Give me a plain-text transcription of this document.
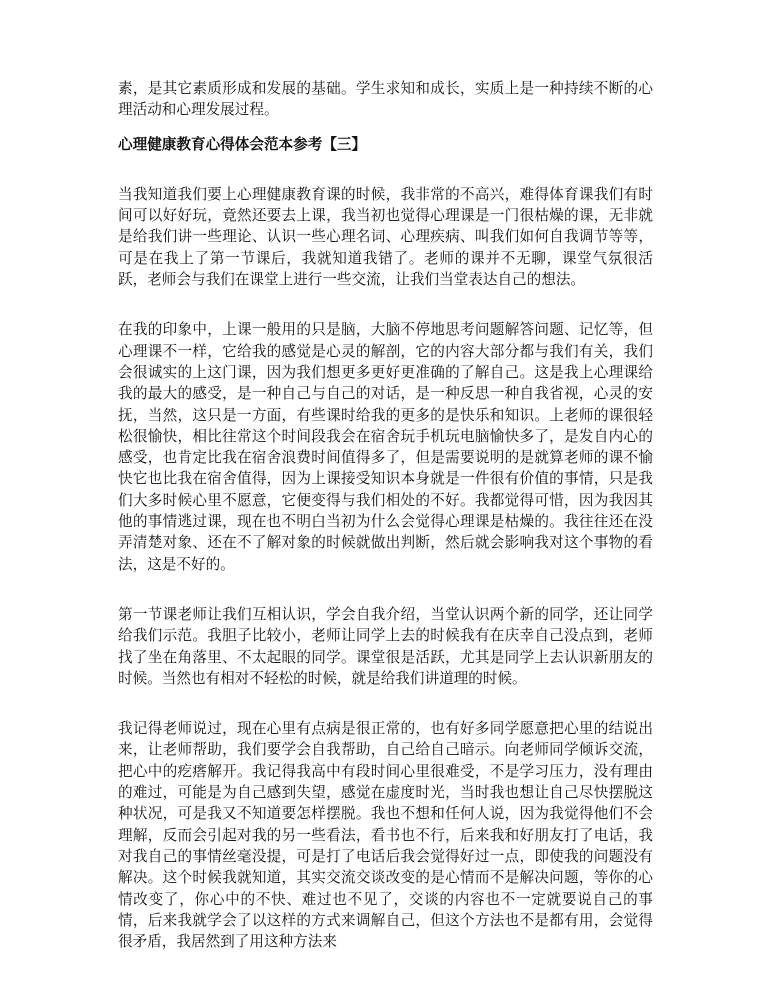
素，是其它素质形成和发展的基础。学生求知和成长，实质上是一种持续不断的心理活动和心理发展过程。

心理健康教育心得体会范本参考【三】

当我知道我们要上心理健康教育课的时候，我非常的不高兴，难得体育课我们有时间可以好好玩，竟然还要去上课，我当初也觉得心理课是一门很枯燥的课，无非就是给我们讲一些理论、认识一些心理名词、心理疾病、叫我们如何自我调节等等，可是在我上了第一节课后，我就知道我错了。老师的课并不无聊，课堂气氛很活跃，老师会与我们在课堂上进行一些交流，让我们当堂表达自己的想法。

在我的印象中，上课一般用的只是脑，大脑不停地思考问题解答问题、记忆等，但心理课不一样，它给我的感觉是心灵的解剖，它的内容大部分都与我们有关，我们会很诚实的上这门课，因为我们想更多更好更准确的了解自己。这是我上心理课给我的最大的感受，是一种自己与自己的对话，是一种反思一种自我省视，心灵的安抚，当然，这只是一方面，有些课时给我的更多的是快乐和知识。上老师的课很轻松很愉快，相比往常这个时间段我会在宿舍玩手机玩电脑愉快多了，是发自内心的感受，也肯定比我在宿舍浪费时间值得多了，但是需要说明的是就算老师的课不愉快它也比我在宿舍值得，因为上课接受知识本身就是一件很有价值的事情，只是我们大多时候心里不愿意，它便变得与我们相处的不好。我都觉得可惜，因为我因其他的事情逃过课，现在也不明白当初为什么会觉得心理课是枯燥的。我往往还在没弄清楚对象、还在不了解对象的时候就做出判断，然后就会影响我对这个事物的看法，这是不好的。

第一节课老师让我们互相认识，学会自我介绍，当堂认识两个新的同学，还让同学给我们示范。我胆子比较小，老师让同学上去的时候我有在庆幸自己没点到，老师找了坐在角落里、不太起眼的同学。课堂很是活跃，尤其是同学上去认识新朋友的时候。当然也有相对不轻松的时候，就是给我们讲道理的时候。

我记得老师说过，现在心里有点病是很正常的，也有好多同学愿意把心里的结说出来，让老师帮助，我们要学会自我帮助，自己给自己暗示。向老师同学倾诉交流，把心中的疙瘩解开。我记得我高中有段时间心里很难受，不是学习压力，没有理由的难过，可能是为自己感到失望，感觉在虚度时光，当时我也想让自己尽快摆脱这种状况，可是我又不知道要怎样摆脱。我也不想和任何人说，因为我觉得他们不会理解，反而会引起对我的另一些看法，看书也不行，后来我和好朋友打了电话，我对我自己的事情丝毫没提，可是打了电话后我会觉得好过一点，即使我的问题没有解决。这个时候我就知道，其实交流交谈改变的是心情而不是解决问题，等你的心情改变了，你心中的不快、难过也不见了，交谈的内容也不一定就要说自己的事情，后来我就学会了以这样的方式来调解自己，但这个方法也不是都有用，会觉得很矛盾，我居然到了用这种方法来
